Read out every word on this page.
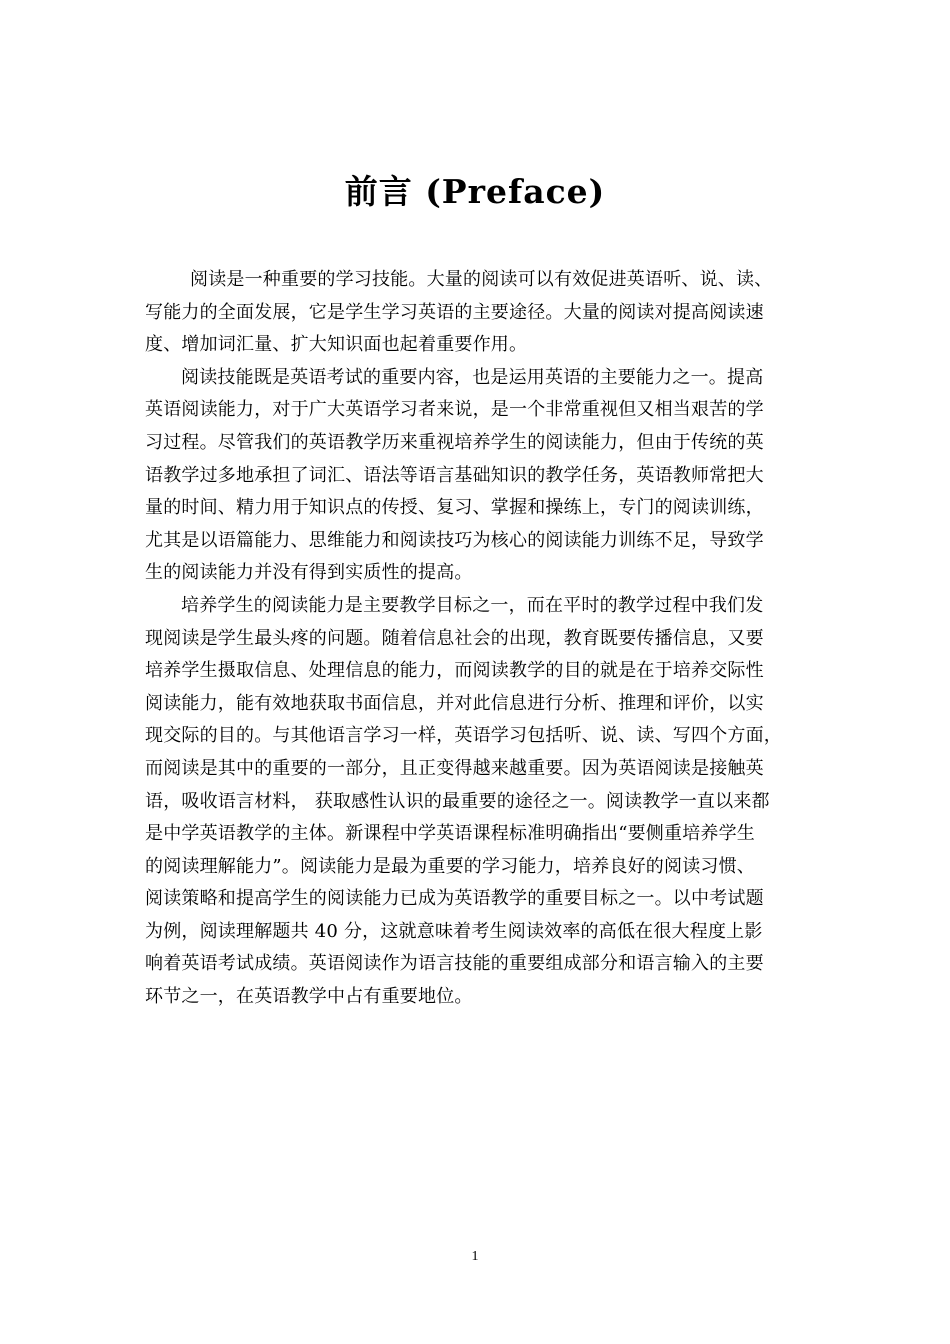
前言 (Preface)
阅读是一种重要的学习技能。大量的阅读可以有效促进英语听、说、读、
写能力的全面发展，它是学生学习英语的主要途径。大量的阅读对提高阅读速
度、增加词汇量、扩大知识面也起着重要作用。
阅读技能既是英语考试的重要内容，也是运用英语的主要能力之一。提高
英语阅读能力，对于广大英语学习者来说，是一个非常重视但又相当艰苦的学
习过程。尽管我们的英语教学历来重视培养学生的阅读能力，但由于传统的英
语教学过多地承担了词汇、语法等语言基础知识的教学任务，英语教师常把大
量的时间、精力用于知识点的传授、复习、掌握和操练上，专门的阅读训练，
尤其是以语篇能力、思维能力和阅读技巧为核心的阅读能力训练不足，导致学
生的阅读能力并没有得到实质性的提高。
培养学生的阅读能力是主要教学目标之一，而在平时的教学过程中我们发
现阅读是学生最头疼的问题。随着信息社会的出现，教育既要传播信息，又要
培养学生摄取信息、处理信息的能力，而阅读教学的目的就是在于培养交际性
阅读能力，能有效地获取书面信息，并对此信息进行分析、推理和评价，以实
现交际的目的。与其他语言学习一样，英语学习包括听、说、读、写四个方面，
而阅读是其中的重要的一部分，且正变得越来越重要。因为英语阅读是接触英
语，吸收语言材料， 获取感性认识的最重要的途径之一。阅读教学一直以来都
是中学英语教学的主体。新课程中学英语课程标准明确指出“要侧重培养学生
的阅读理解能力”。阅读能力是最为重要的学习能力，培养良好的阅读习惯、
阅读策略和提高学生的阅读能力已成为英语教学的重要目标之一。以中考试题
为例，阅读理解题共 40 分，这就意味着考生阅读效率的高低在很大程度上影
响着英语考试成绩。英语阅读作为语言技能的重要组成部分和语言输入的主要
环节之一，在英语教学中占有重要地位。
1
